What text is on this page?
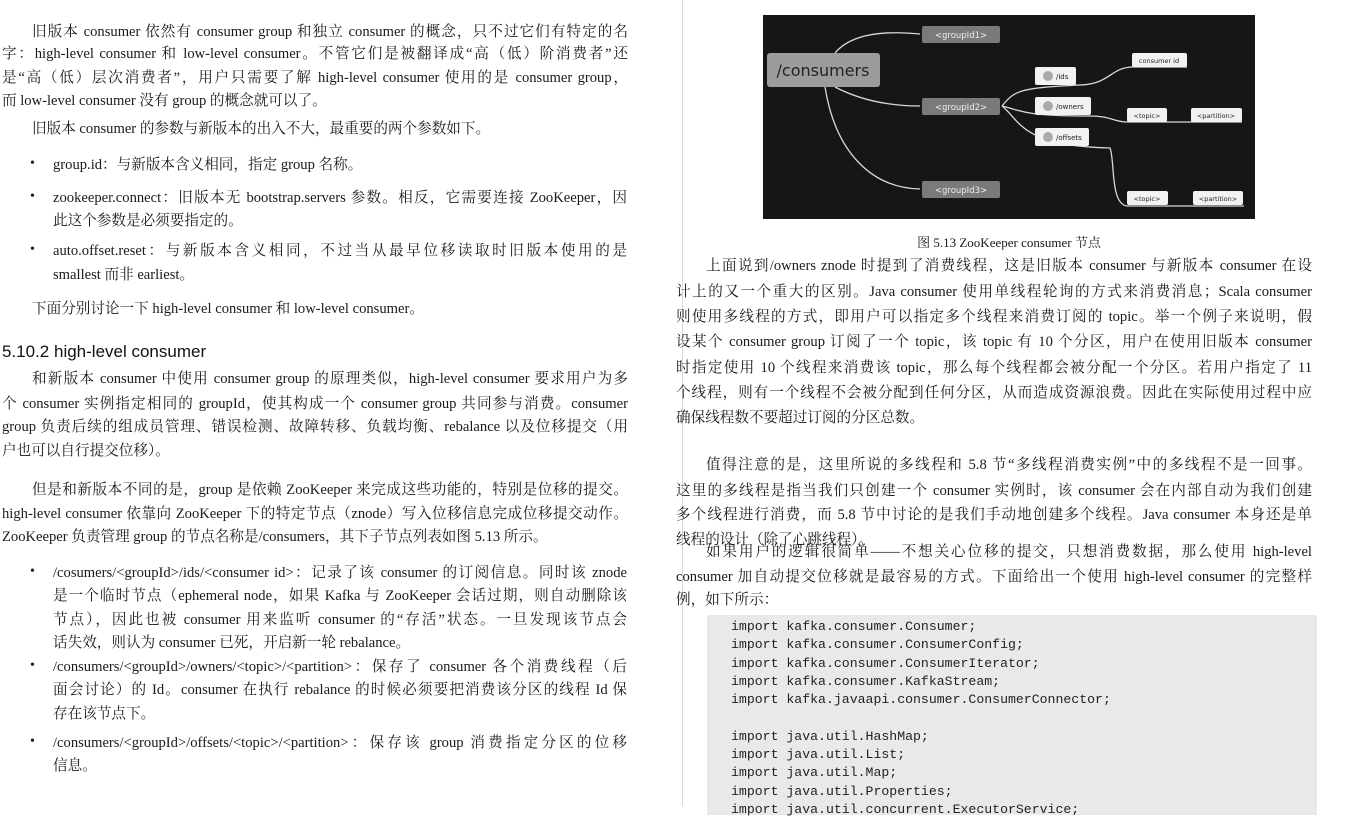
/consumers
<groupId1>
<groupId2>
<groupId3>
/ids
/owners
/offsets
consumer id
<topic>	<partition>
<topic>	<partition>
图 5.13 ZooKeeper consumer 节点
旧版本 consumer 依然有 consumer group 和独立 consumer 的概念，只不过它们有特定的名
字：high-level consumer 和 low-level consumer。不管它们是被翻译成“高（低）阶消费者”还
是“高（低）层次消费者”，用户只需要了解 high-level consumer 使用的是 consumer group，
而 low-level consumer 没有 group 的概念就可以了。
旧版本 consumer 的参数与新版本的出入不大，最重要的两个参数如下。
• group.id：与新版本含义相同，指定 group 名称。
• zookeeper.connect：旧版本无 bootstrap.servers 参数。相反，它需要连接 ZooKeeper，因
此这个参数是必须要指定的。
• auto.offset.reset：与新版本含义相同，不过当从最早位移读取时旧版本使用的是
smallest 而非 earliest。
下面分别讨论一下 high-level consumer 和 low-level consumer。
5.10.2 high-level consumer
和新版本 consumer 中使用 consumer group 的原理类似，high-level consumer 要求用户为多
个 consumer 实例指定相同的 groupId，使其构成一个 consumer group 共同参与消费。consumer
group 负责后续的组成员管理、错误检测、故障转移、负载均衡、rebalance 以及位移提交（用
户也可以自行提交位移）。
但是和新版本不同的是，group 是依赖 ZooKeeper 来完成这些功能的，特别是位移的提交。
high-level consumer 依靠向 ZooKeeper 下的特定节点（znode）写入位移信息完成位移提交动作。
ZooKeeper 负责管理 group 的节点名称是/consumers，其下子节点列表如图 5.13 所示。
• /cosumers/<groupId>/ids/<consumer id>：记录了该 consumer 的订阅信息。同时该 znode
是一个临时节点（ephemeral node，如果 Kafka 与 ZooKeeper 会话过期，则自动删除该
节点），因此也被 consumer 用来监听 consumer 的“存活”状态。一旦发现该节点会
话失效，则认为 consumer 已死，开启新一轮 rebalance。
• /consumers/<groupId>/owners/<topic>/<partition>：保存了 consumer 各个消费线程（后
面会讨论）的 Id。consumer 在执行 rebalance 的时候必须要把消费该分区的线程 Id 保
存在该节点下。
• /consumers/<groupId>/offsets/<topic>/<partition>：保存该 group 消费指定分区的位移
信息。
上面说到/owners znode 时提到了消费线程，这是旧版本 consumer 与新版本 consumer 在设
计上的又一个重大的区别。Java consumer 使用单线程轮询的方式来消费消息；Scala consumer
则使用多线程的方式，即用户可以指定多个线程来消费订阅的 topic。举一个例子来说明，假
设某个 consumer group 订阅了一个 topic，该 topic 有 10 个分区，用户在使用旧版本 consumer
时指定使用 10 个线程来消费该 topic，那么每个线程都会被分配一个分区。若用户指定了 11
个线程，则有一个线程不会被分配到任何分区，从而造成资源浪费。因此在实际使用过程中应
确保线程数不要超过订阅的分区总数。
值得注意的是，这里所说的多线程和 5.8 节“多线程消费实例”中的多线程不是一回事。
这里的多线程是指当我们只创建一个 consumer 实例时，该 consumer 会在内部自动为我们创建
多个线程进行消费，而 5.8 节中讨论的是我们手动地创建多个线程。Java consumer 本身还是单
线程的设计（除了心跳线程）。
如果用户的逻辑很简单——不想关心位移的提交，只想消费数据，那么使用 high-level
consumer 加自动提交位移就是最容易的方式。下面给出一个使用 high-level consumer 的完整样
例，如下所示：
import kafka.consumer.Consumer;
import kafka.consumer.ConsumerConfig;
import kafka.consumer.ConsumerIterator;
import kafka.consumer.KafkaStream;
import kafka.javaapi.consumer.ConsumerConnector;
import java.util.HashMap;
import java.util.List;
import java.util.Map;
import java.util.Properties;
import java.util.concurrent.ExecutorService;
